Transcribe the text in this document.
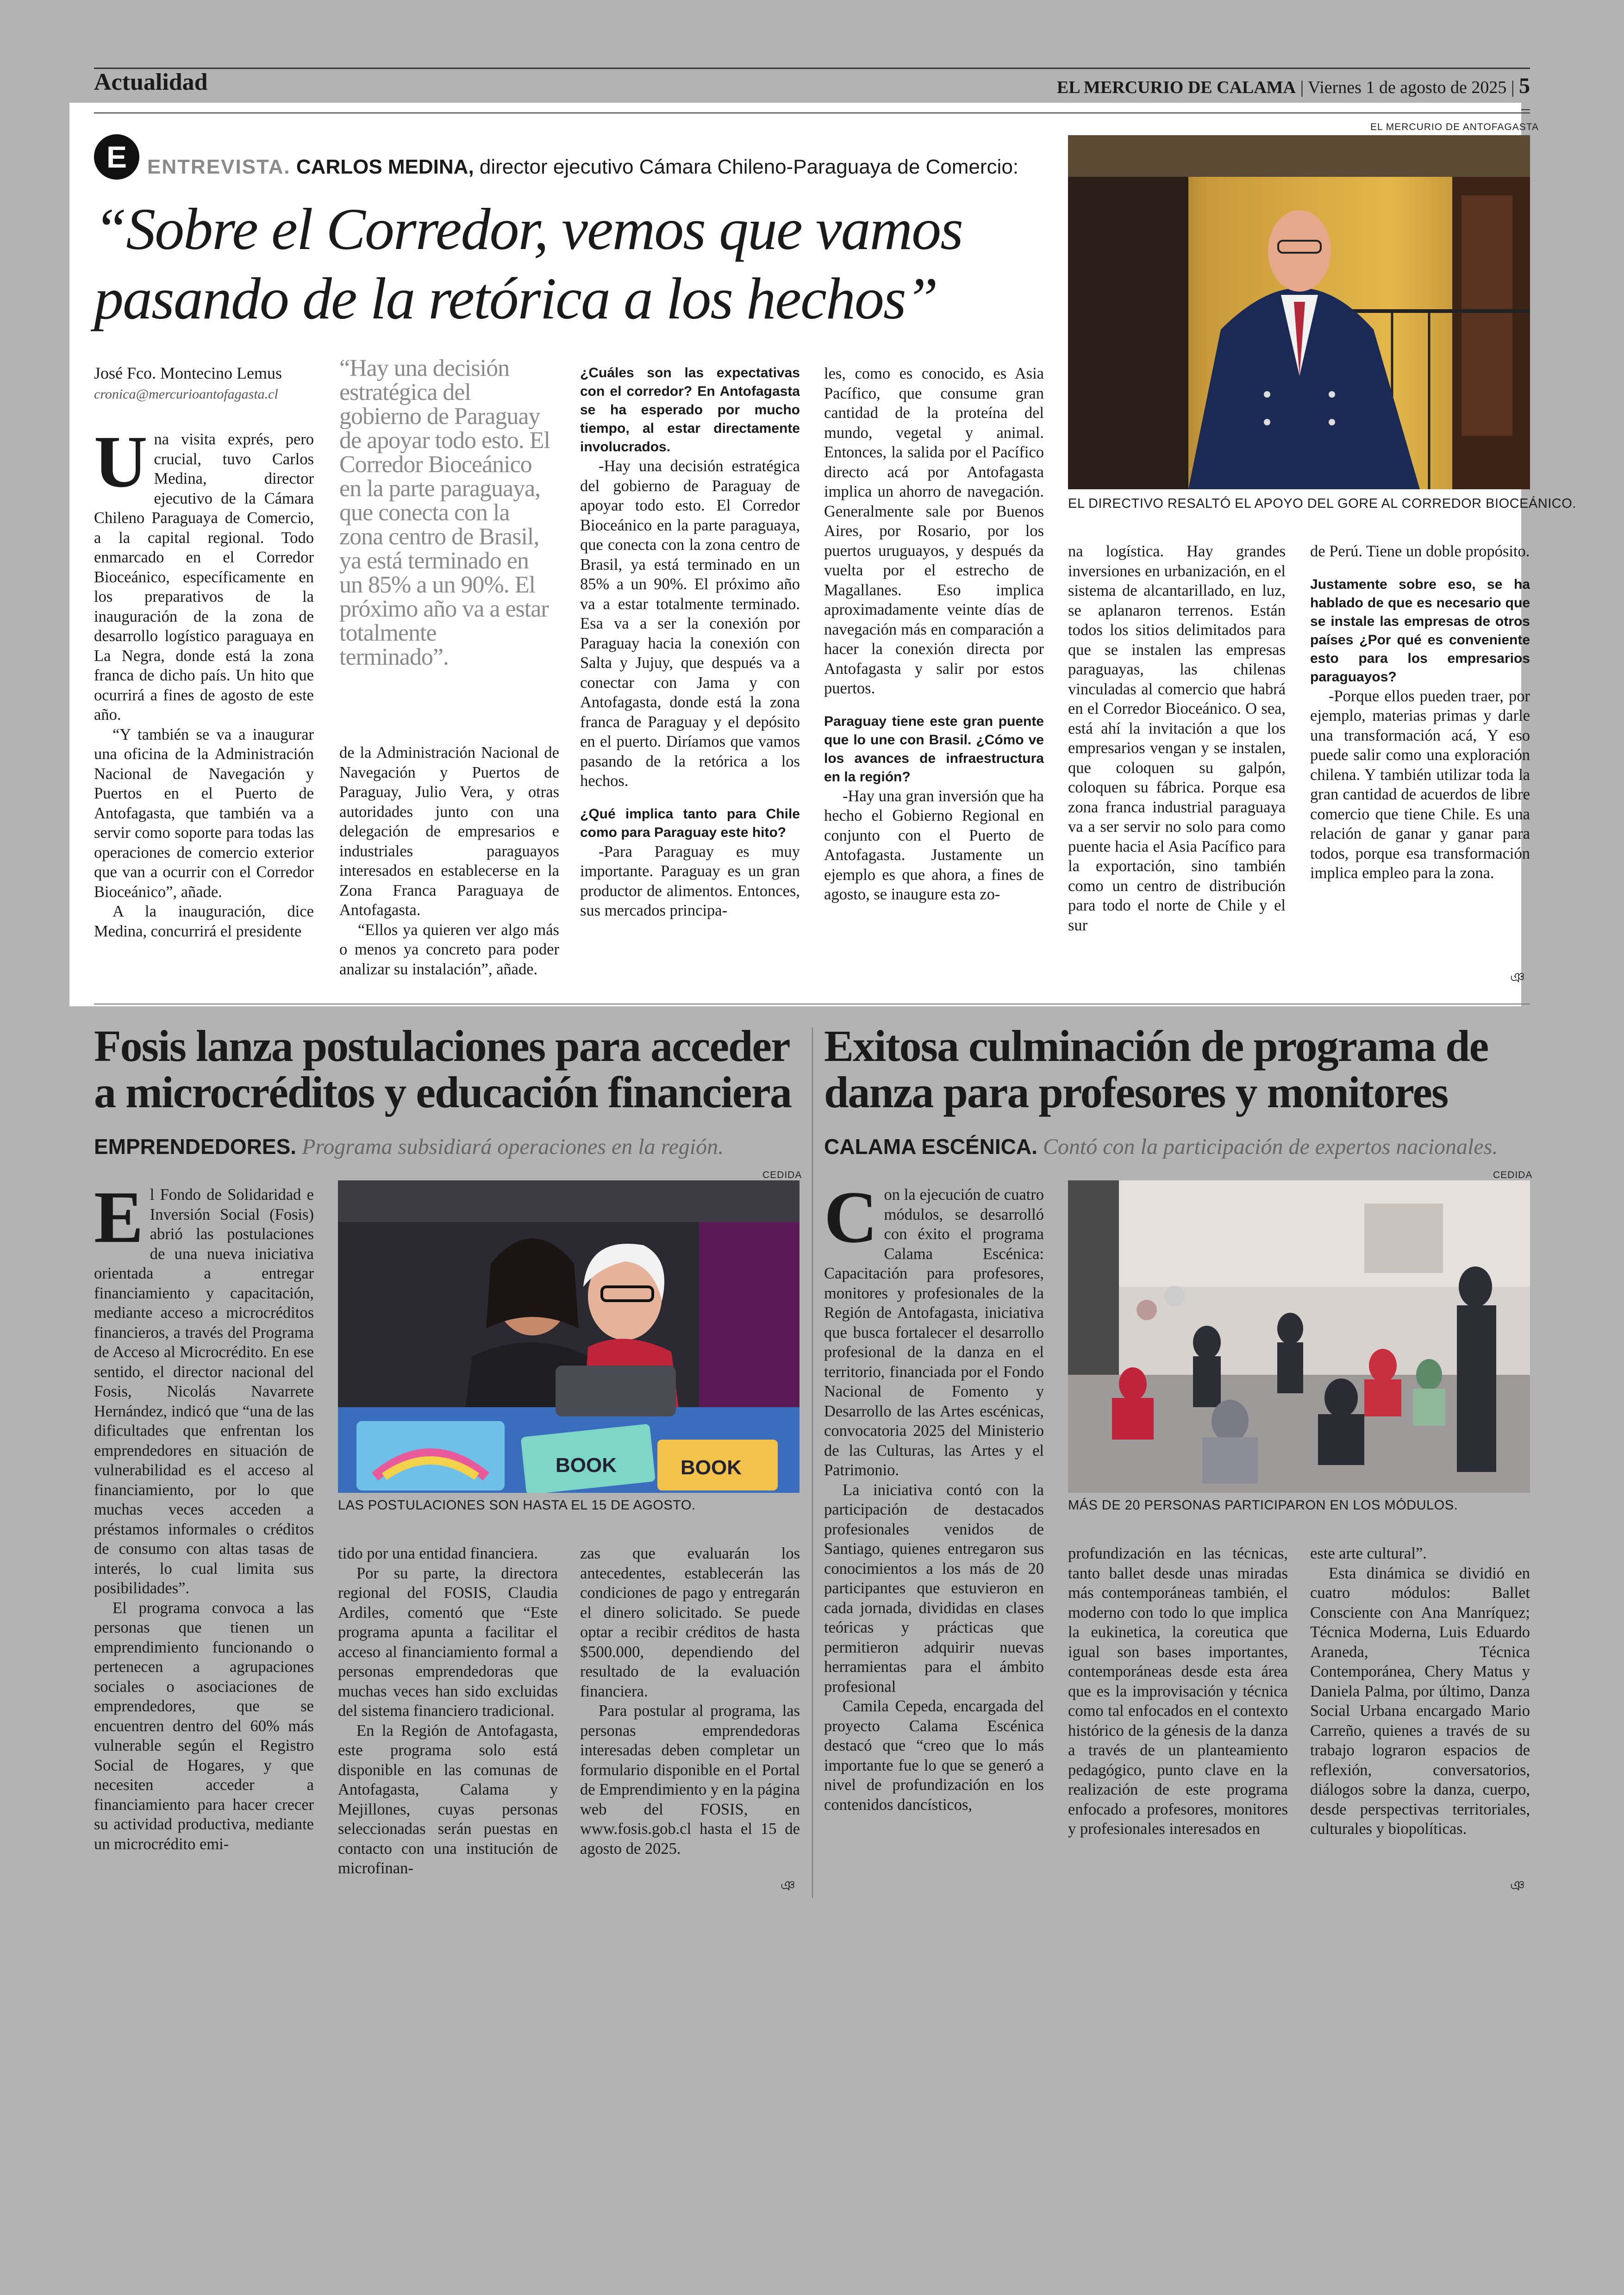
Actualidad	EL MERCURIO DE CALAMA | Viernes 1 de agosto de 2025 | 5
EL MERCURIO DE ANTOFAGASTA
E ENTREVISTA. CARLOS MEDINA, director ejecutivo Cámara Chileno-Paraguaya de Comercio:
“Sobre el Corredor, vemos que vamos
pasando de la retórica a los hechos”
José Fco. Montecino Lemus
cronica@mercurioantofagasta.cl
“Hay una decisión estratégica del gobierno de Paraguay de apoyar todo esto. El Corredor Bioceánico en la parte paraguaya, que conecta con la zona centro de Brasil, ya está terminado en un 85% a un 90%. El próximo año va a estar totalmente terminado”.
EL DIRECTIVO RESALTÓ EL APOYO DEL GORE AL CORREDOR BIOCEÁNICO.
U na visita exprés, pero crucial, tuvo Carlos Medina, director ejecutivo de la Cámara Chileno Paraguaya de Comercio, a la capital regional. Todo enmarcado en el Corredor Bioceánico, específicamente en los preparativos de la inauguración de la zona de desarrollo logístico paraguaya en La Negra, donde está la zona franca de dicho país. Un hito que ocurrirá a fines de agosto de este año.

“Y también se va a inaugurar una oficina de la Administración Nacional de Navegación y Puertos en el Puerto de Antofagasta, que también va a servir como soporte para todas las operaciones de comercio exterior que van a ocurrir con el Corredor Bioceánico”, añade.

A la inauguración, dice Medina, concurrirá el presidente

de la Administración Nacional de Navegación y Puertos de Paraguay, Julio Vera, y otras autoridades junto con una delegación de empresarios e industriales paraguayos interesados en establecerse en la Zona Franca Paraguaya de Antofagasta.

“Ellos ya quieren ver algo más o menos ya concreto para poder analizar su instalación”, añade.

¿Cuáles son las expectativas con el corredor? En Antofagasta se ha esperado por mucho tiempo, al estar directamente involucrados.

-Hay una decisión estratégica del gobierno de Paraguay de apoyar todo esto. El Corredor Bioceánico en la parte paraguaya, que conecta con la zona centro de Brasil, ya está terminado en un 85% a un 90%. El próximo año va a estar totalmente terminado. Esa va a ser la conexión por Paraguay hacia la conexión con Salta y Jujuy, que después va a conectar con Jama y con Antofagasta, donde está la zona franca de Paraguay y el depósito en el puerto. Diríamos que vamos pasando de la retórica a los hechos.

¿Qué implica tanto para Chile como para Paraguay este hito?

-Para Paraguay es muy importante. Paraguay es un gran productor de alimentos. Entonces, sus mercados principa-

les, como es conocido, es Asia Pacífico, que consume gran cantidad de la proteína del mundo, vegetal y animal. Entonces, la salida por el Pacífico directo acá por Antofagasta implica un ahorro de navegación. Generalmente sale por Buenos Aires, por Rosario, por los puertos uruguayos, y después da vuelta por el estrecho de Magallanes. Eso implica aproximadamente veinte días de navegación más en comparación a hacer la conexión directa por Antofagasta y salir por estos puertos.

Paraguay tiene este gran puente que lo une con Brasil. ¿Cómo ve los avances de infraestructura en la región?

-Hay una gran inversión que ha hecho el Gobierno Regional en conjunto con el Puerto de Antofagasta. Justamente un ejemplo es que ahora, a fines de agosto, se inaugure esta zo-

na logística. Hay grandes inversiones en urbanización, en el sistema de alcantarillado, en luz, se aplanaron terrenos. Están todos los sitios delimitados para que se instalen las empresas paraguayas, las chilenas vinculadas al comercio que habrá en el Corredor Bioceánico. O sea, está ahí la invitación a que los empresarios vengan y se instalen, que coloquen su galpón, coloquen su fábrica. Porque esa zona franca industrial paraguaya va a ser servir no solo para como puente hacia el Asia Pacífico para la exportación, sino también como un centro de distribución para todo el norte de Chile y el sur

de Perú. Tiene un doble propósito.

Justamente sobre eso, se ha hablado de que es necesario que se instale las empresas de otros países ¿Por qué es conveniente esto para los empresarios paraguayos?

-Porque ellos pueden traer, por ejemplo, materias primas y darle una transformación acá, Y eso puede salir como una exploración chilena. Y también utilizar toda la gran cantidad de acuerdos de libre comercio que tiene Chile. Es una relación de ganar y ganar para todos, porque esa transformación implica empleo para la zona.

ঞ
Fosis lanza postulaciones para acceder
a microcréditos y educación financiera
EMPRENDEDORES. Programa subsidiará operaciones en la región.
CEDIDA
BOOK	BOOK
LAS POSTULACIONES SON HASTA EL 15 DE AGOSTO.
E l Fondo de Solidaridad e Inversión Social (Fosis) abrió las postulaciones de una nueva iniciativa orientada a entregar financiamiento y capacitación, mediante acceso a microcréditos financieros, a través del Programa de Acceso al Microcrédito. En ese sentido, el director nacional del Fosis, Nicolás Navarrete Hernández, indicó que “una de las dificultades que enfrentan los emprendedores en situación de vulnerabilidad es el acceso al financiamiento, por lo que muchas veces acceden a préstamos informales o créditos de consumo con altas tasas de interés, lo cual limita sus posibilidades”.

El programa convoca a las personas que tienen un emprendimiento funcionando o pertenecen a agrupaciones sociales o asociaciones de emprendedores, que se encuentren dentro del 60% más vulnerable según el Registro Social de Hogares, y que necesiten acceder a financiamiento para hacer crecer su actividad productiva, mediante un microcrédito emi-

tido por una entidad financiera.

Por su parte, la directora regional del FOSIS, Claudia Ardiles, comentó que “Este programa apunta a facilitar el acceso al financiamiento formal a personas emprendedoras que muchas veces han sido excluidas del sistema financiero tradicional.

En la Región de Antofagasta, este programa solo está disponible en las comunas de Antofagasta, Calama y Mejillones, cuyas personas seleccionadas serán puestas en contacto con una institución de microfinan-

zas que evaluarán los antecedentes, establecerán las condiciones de pago y entregarán el dinero solicitado. Se puede optar a recibir créditos de hasta $500.000, dependiendo del resultado de la evaluación financiera.

Para postular al programa, las personas emprendedoras interesadas deben completar un formulario disponible en el Portal de Emprendimiento y en la página web del FOSIS, en www.fosis.gob.cl hasta el 15 de agosto de 2025.

ঞ
Exitosa culminación de programa de
danza para profesores y monitores
CALAMA ESCÉNICA. Contó con la participación de expertos nacionales.
CEDIDA
MÁS DE 20 PERSONAS PARTICIPARON EN LOS MÓDULOS.
C on la ejecución de cuatro módulos, se desarrolló con éxito el programa Calama Escénica: Capacitación para profesores, monitores y profesionales de la Región de Antofagasta, iniciativa que busca fortalecer el desarrollo profesional de la danza en el territorio, financiada por el Fondo Nacional de Fomento y Desarrollo de las Artes escénicas, convocatoria 2025 del Ministerio de las Culturas, las Artes y el Patrimonio.

La iniciativa contó con la participación de destacados profesionales venidos de Santiago, quienes entregaron sus conocimientos a los más de 20 participantes que estuvieron en cada jornada, divididas en clases teóricas y prácticas que permitieron adquirir nuevas herramientas para el ámbito profesional

Camila Cepeda, encargada del proyecto Calama Escénica destacó que “creo que lo más importante fue lo que se generó a nivel de profundización en los contenidos dancísticos,

profundización en las técnicas, tanto ballet desde unas miradas más contemporáneas también, el moderno con todo lo que implica la eukinetica, la coreutica que igual son bases importantes, contemporáneas desde esta área que es la improvisación y técnica como tal enfocados en el contexto histórico de la génesis de la danza a través de un planteamiento pedagógico, punto clave en la realización de este programa enfocado a profesores, monitores y profesionales interesados en

este arte cultural”.

Esta dinámica se dividió en cuatro módulos: Ballet Consciente con Ana Manríquez; Técnica Moderna, Luis Eduardo Araneda, Técnica Contemporánea, Chery Matus y Daniela Palma, por último, Danza Social Urbana encargado Mario Carreño, quienes a través de su trabajo lograron espacios de reflexión, conversatorios, diálogos sobre la danza, cuerpo, desde perspectivas territoriales, culturales y biopolíticas.

ঞ
